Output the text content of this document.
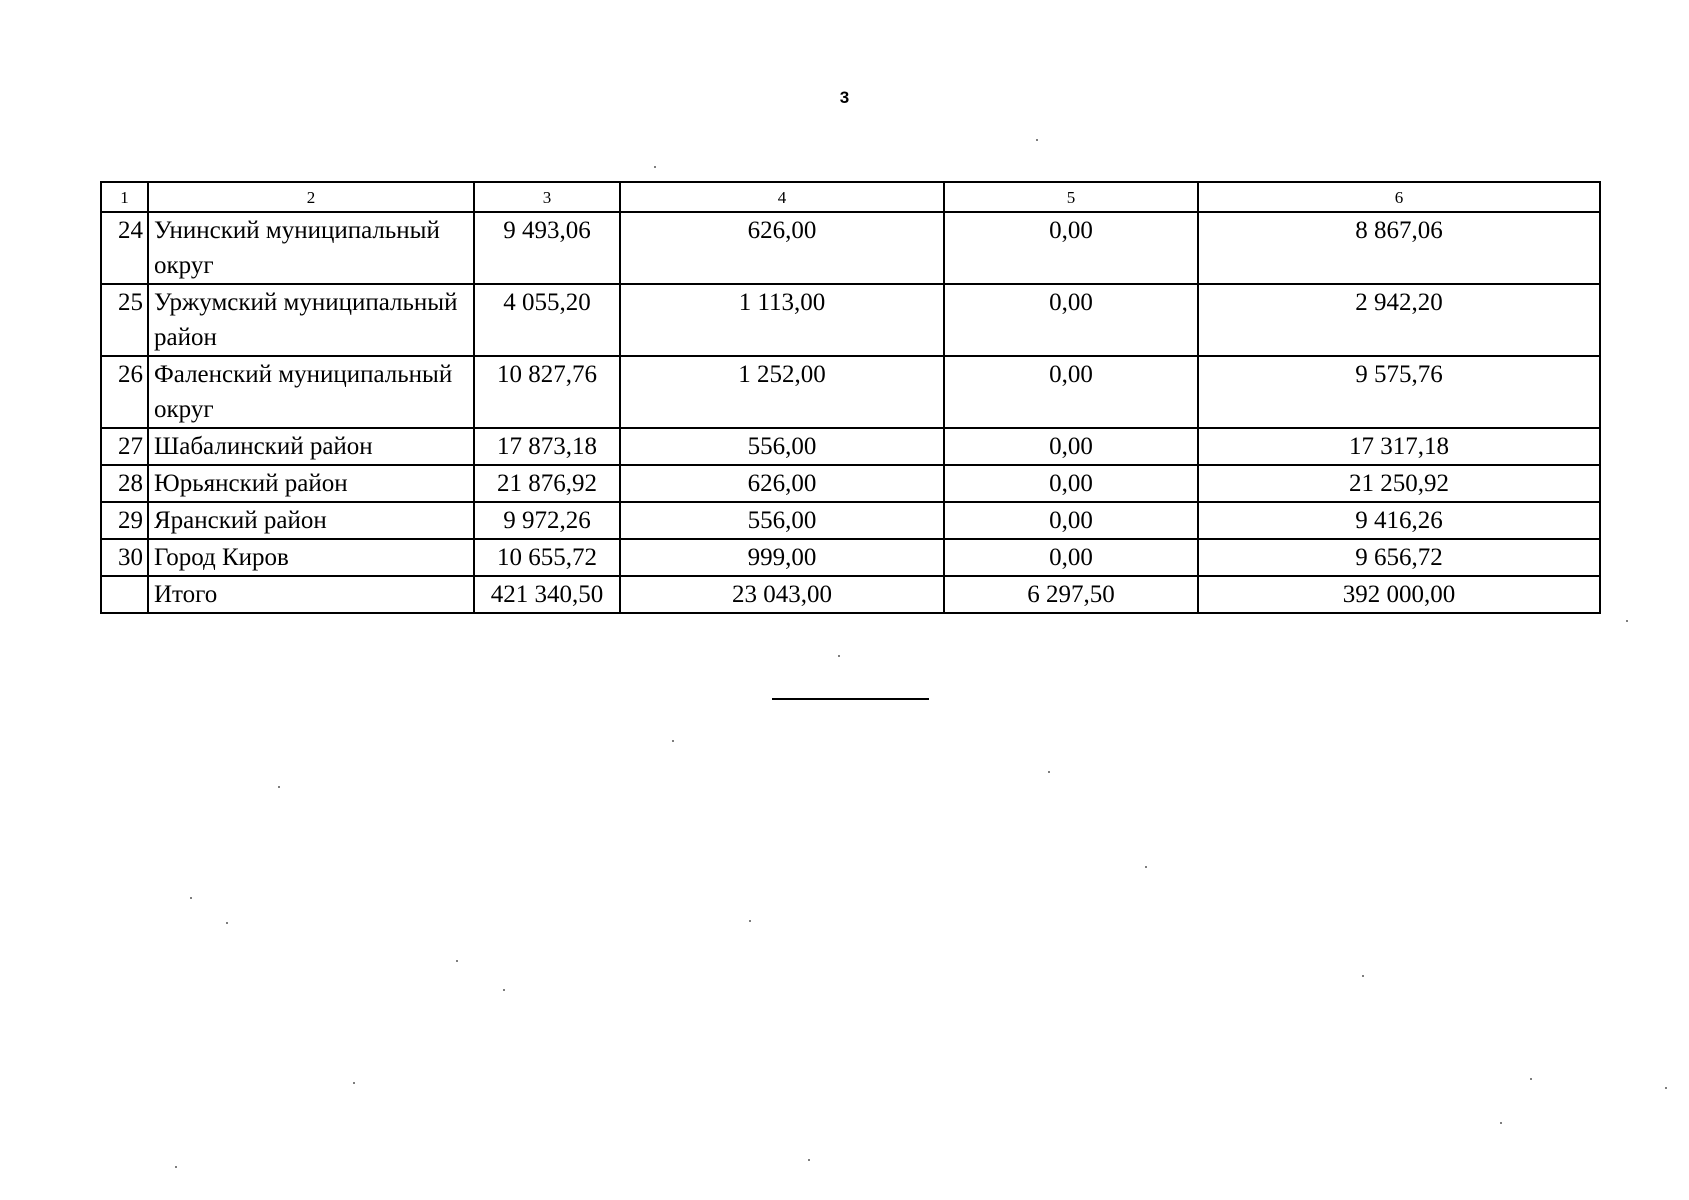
3
1	2	3	4	5	6
24	Унинский муниципальный округ	9 493,06	626,00	0,00	8 867,06
25	Уржумский муниципальный район	4 055,20	1 113,00	0,00	2 942,20
26	Фаленский муниципальный округ	10 827,76	1 252,00	0,00	9 575,76
27	Шабалинский район	17 873,18	556,00	0,00	17 317,18
28	Юрьянский район	21 876,92	626,00	0,00	21 250,92
29	Яранский район	9 972,26	556,00	0,00	9 416,26
30	Город Киров	10 655,72	999,00	0,00	9 656,72
	Итого	421 340,50	23 043,00	6 297,50	392 000,00
